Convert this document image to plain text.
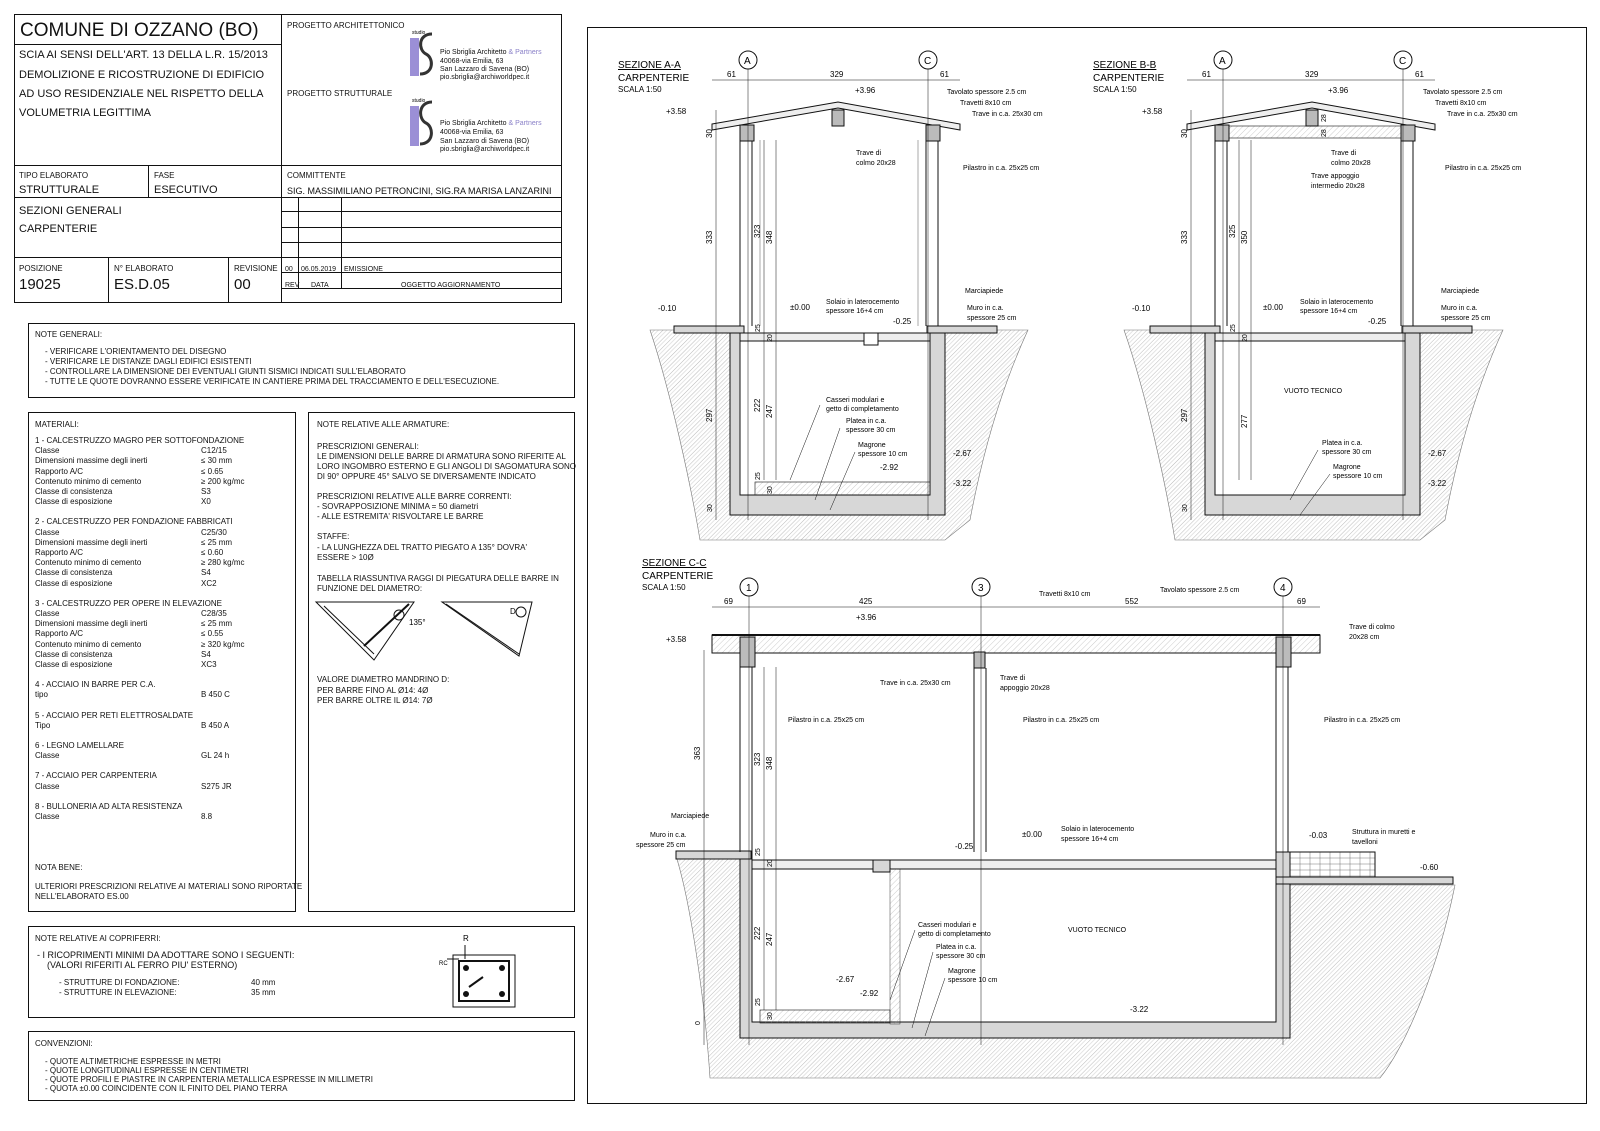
COMUNE DI OZZANO (BO)
SCIA AI SENSI DELL'ART. 13 DELLA L.R. 15/2013
DEMOLIZIONE E RICOSTRUZIONE DI EDIFICIO
AD USO RESIDENZIALE NEL RISPETTO DELLA
VOLUMETRIA LEGITTIMA
PROGETTO ARCHITETTONICO
PROGETTO STRUTTURALE
studio
studio
Pio Sbriglia Architetto & Partners
40068-via Emilia, 63
San Lazzaro di Savena (BO)
pio.sbriglia@archiworldpec.it
Pio Sbriglia Architetto & Partners
40068-via Emilia, 63
San Lazzaro di Savena (BO)
pio.sbriglia@archiworldpec.it
TIPO ELABORATO
STRUTTURALE
FASE
ESECUTIVO
COMMITTENTE
SIG. MASSIMILIANO PETRONCINI, SIG.RA MARISA LANZARINI
SEZIONI GENERALI
CARPENTERIE
POSIZIONE
19025
N° ELABORATO
ES.D.05
REVISIONE
00
00 06.05.2019 EMISSIONE
REV DATA	OGGETTO AGGIORNAMENTO
NOTE GENERALI:
- VERIFICARE L'ORIENTAMENTO DEL DISEGNO
- VERIFICARE LE DISTANZE DAGLI EDIFICI ESISTENTI
- CONTROLLARE LA DIMENSIONE DEI EVENTUALI GIUNTI SISMICI INDICATI SULL'ELABORATO
- TUTTE LE QUOTE DOVRANNO ESSERE VERIFICATE IN CANTIERE PRIMA DEL TRACCIAMENTO E DELL'ESECUZIONE.
MATERIALI:
1 - CALCESTRUZZO MAGRO PER SOTTOFONDAZIONE
Classe	C12/15
Dimensioni massime degli inerti	≤ 30 mm
Rapporto A/C	≤ 0.65
Contenuto minimo di cemento	≥ 200 kg/mc
Classe di consistenza	S3
Classe di esposizione	X0
2 - CALCESTRUZZO PER FONDAZIONE FABBRICATI
Classe	C25/30
Dimensioni massime degli inerti	≤ 25 mm
Rapporto A/C	≤ 0.60
Contenuto minimo di cemento	≥ 280 kg/mc
Classe di consistenza	S4
Classe di esposizione	XC2
3 - CALCESTRUZZO PER OPERE IN ELEVAZIONE
Classe	C28/35
Dimensioni massime degli inerti	≤ 25 mm
Rapporto A/C	≤ 0.55
Contenuto minimo di cemento	≥ 320 kg/mc
Classe di consistenza	S4
Classe di esposizione	XC3
4 - ACCIAIO IN BARRE PER C.A.
tipo	B 450 C
5 - ACCIAIO PER RETI ELETTROSALDATE
Tipo	B 450 A
6 - LEGNO LAMELLARE
Classe	GL 24 h
7 - ACCIAIO PER CARPENTERIA
Classe	S275 JR
8 - BULLONERIA AD ALTA RESISTENZA
Classe	8.8
NOTA BENE:
ULTERIORI PRESCRIZIONI RELATIVE AI MATERIALI SONO RIPORTATE
NELL'ELABORATO ES.00
NOTE RELATIVE ALLE ARMATURE:
PRESCRIZIONI GENERALI:
LE DIMENSIONI DELLE BARRE DI ARMATURA SONO RIFERITE AL
LORO INGOMBRO ESTERNO E GLI ANGOLI DI SAGOMATURA SONO
DI 90° OPPURE 45° SALVO SE DIVERSAMENTE INDICATO
PRESCRIZIONI RELATIVE ALLE BARRE CORRENTI:
- SOVRAPPOSIZIONE MINIMA = 50 diametri
- ALLE ESTREMITA' RISVOLTARE LE BARRE
STAFFE:
- LA LUNGHEZZA DEL TRATTO PIEGATO A 135° DOVRA'
ESSERE > 10Ø
TABELLA RIASSUNTIVA RAGGI DI PIEGATURA DELLE BARRE IN
FUNZIONE DEL DIAMETRO:
135°
D
VALORE DIAMETRO MANDRINO D:
PER BARRE FINO AL Ø14: 4Ø
PER BARRE OLTRE IL Ø14: 7Ø
NOTE RELATIVE AI COPRIFERRI:
- I RICOPRIMENTI MINIMI DA ADOTTARE SONO I SEGUENTI:
(VALORI RIFERITI AL FERRO PIU' ESTERNO)
- STRUTTURE DI FONDAZIONE:	40 mm
- STRUTTURE IN ELEVAZIONE:	35 mm
R
RC
CONVENZIONI:
- QUOTE ALTIMETRICHE ESPRESSE IN METRI
- QUOTE LONGITUDINALI ESPRESSE IN CENTIMETRI
- QUOTE PROFILI E PIASTRE IN CARPENTERIA METALLICA ESPRESSE IN MILLIMETRI
- QUOTA ±0.00 COINCIDENTE CON IL FINITO DEL PIANO TERRA
SEZIONE A-A
CARPENTERIE
SCALA 1:50
A	C
61	329	61
30
333	323 348
297
222 247
25
20
25
30
30
+3.96
+3.58
±0.00
-0.10
-0.25
-2.67
-2.92
-3.22
Tavolato spessore 2.5 cm
Travetti 8x10 cm
Trave in c.a. 25x30 cm
Trave di
colmo 20x28
Pilastro in c.a. 25x25 cm
Marciapiede
Muro in c.a.
spessore 25 cm
Solaio in laterocemento
spessore 16+4 cm
Casseri modulari e
getto di completamento
Platea in c.a.
spessore 30 cm
Magrone
spessore 10 cm
SEZIONE B-B
CARPENTERIE
SCALA 1:50
A	C
61	329	61
30
333	325 350
297	277
25
20
28
28
30
+3.96
+3.58
±0.00
-0.10
-0.25
-2.67
-3.22
Tavolato spessore 2.5 cm
Travetti 8x10 cm
Trave in c.a. 25x30 cm
Trave di
colmo 20x28
Trave appoggio
intermedio 20x28
Pilastro in c.a. 25x25 cm
Marciapiede
Muro in c.a.
spessore 25 cm
Solaio in laterocemento
spessore 16+4 cm
VUOTO TECNICO
Platea in c.a.
spessore 30 cm
Magrone
spessore 10 cm
SEZIONE C-C
CARPENTERIE
SCALA 1:50	1	3	4
69	425	552	69
363	323 348
222 247
25
20
25
30
0
+3.96
+3.58
±0.00	-0.03
-0.25
-0.60
-2.67
-2.92
-3.22
Travetti 8x10 cm
Tavolato spessore 2.5 cm
Trave di colmo
20x28 cm
Trave in c.a. 25x30 cm
Trave di
appoggio 20x28
Pilastro in c.a. 25x25 cm	Pilastro in c.a. 25x25 cm	Pilastro in c.a. 25x25 cm
Marciapiede
Muro in c.a.
spessore 25 cm
Solaio in laterocemento
spessore 16+4 cm
Struttura in muretti e
tavelloni
VUOTO TECNICO
Casseri modulari e
getto di completamento
Platea in c.a.
spessore 30 cm
Magrone
spessore 10 cm
